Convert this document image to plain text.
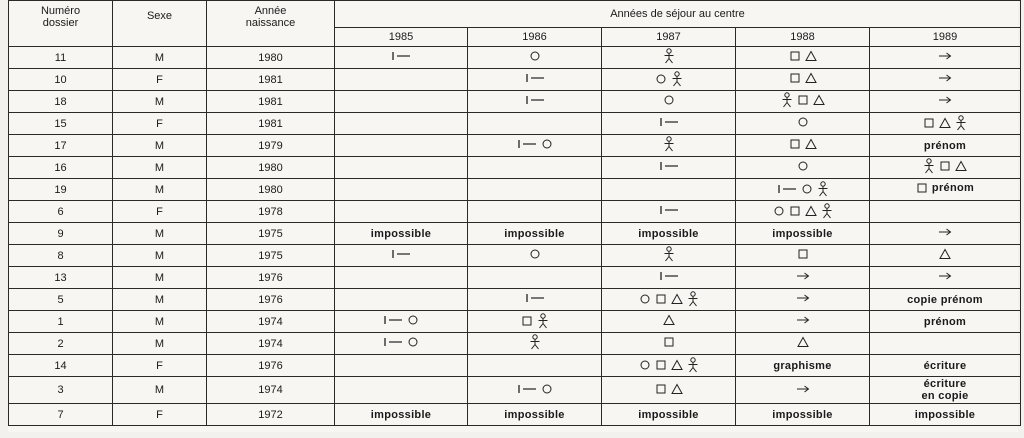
Numéro
dossier	Sexe	Année
naissance	Années de séjour au centre				
			1985	1986	1987	1988	1989
11	M	1980	

10	F	1981		

18	M	1981		

15	F	1981			

17	M	1979					prénom

16	M	1980			

19	M	1980					prénom

6	F	1978			

9	M	1975	impossible	impossible	impossible	impossible

8	M	1975	

13	M	1976			

5	M	1976					copie prénom

1	M	1974					prénom

2	M	1974	

14	F	1976				graphisme	écriture

3	M	1974					écriture
en copie

7	F	1972	impossible	impossible	impossible	impossible	impossible
